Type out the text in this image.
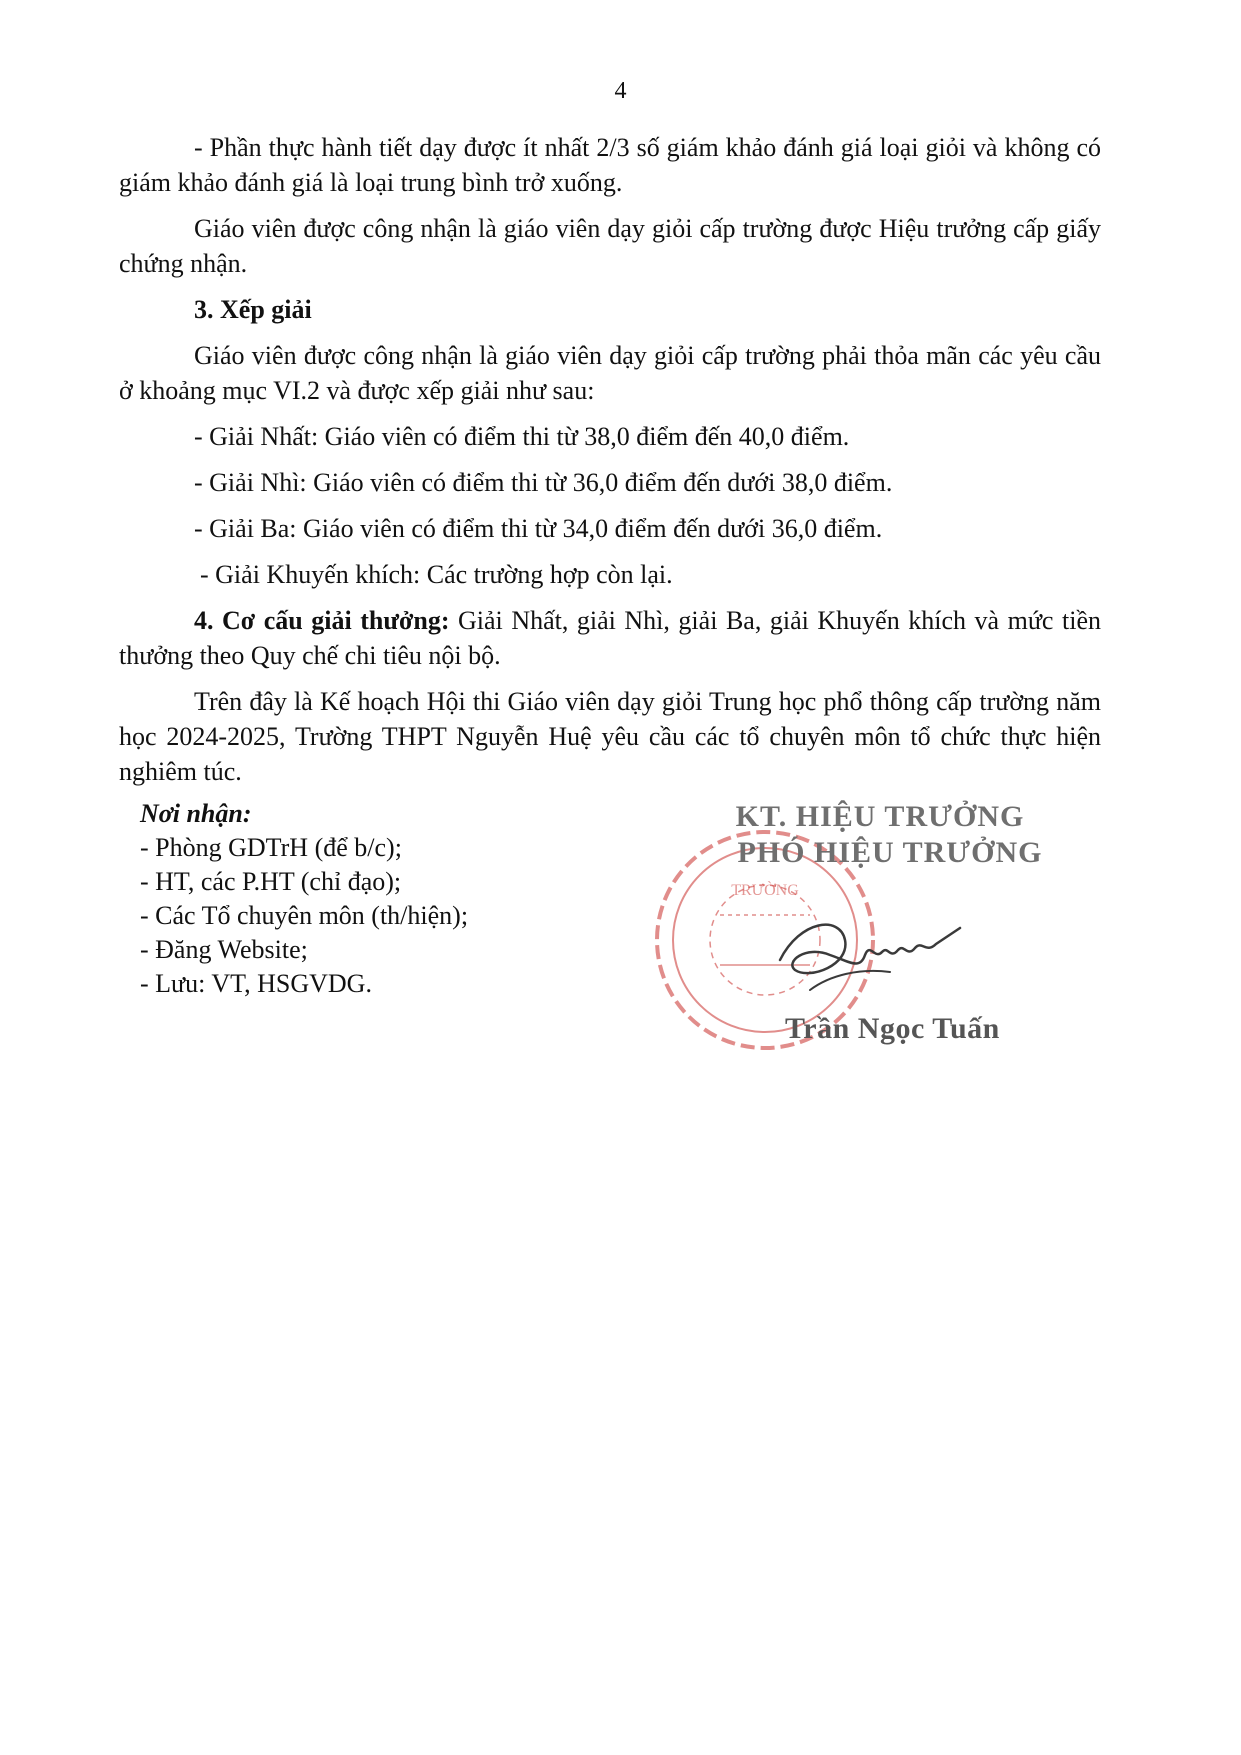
4

- Phần thực hành tiết dạy được ít nhất 2/3 số giám khảo đánh giá loại giỏi và không có giám khảo đánh giá là loại trung bình trở xuống.

Giáo viên được công nhận là giáo viên dạy giỏi cấp trường được Hiệu trưởng cấp giấy chứng nhận.

3. Xếp giải

Giáo viên được công nhận là giáo viên dạy giỏi cấp trường phải thỏa mãn các yêu cầu ở khoảng mục VI.2 và được xếp giải như sau:

- Giải Nhất: Giáo viên có điểm thi từ 38,0 điểm đến 40,0 điểm.

- Giải Nhì: Giáo viên có điểm thi từ 36,0 điểm đến dưới 38,0 điểm.

- Giải Ba: Giáo viên có điểm thi từ 34,0 điểm đến dưới 36,0 điểm.

- Giải Khuyến khích: Các trường hợp còn lại.

4. Cơ cấu giải thưởng: Giải Nhất, giải Nhì, giải Ba, giải Khuyến khích và mức tiền thưởng theo Quy chế chi tiêu nội bộ.

Trên đây là Kế hoạch Hội thi Giáo viên dạy giỏi Trung học phổ thông cấp trường năm học 2024-2025, Trường THPT Nguyễn Huệ yêu cầu các tổ chuyên môn tổ chức thực hiện nghiêm túc.

Nơi nhận:
- Phòng GDTrH (để b/c);
- HT, các P.HT (chỉ đạo);
- Các Tổ chuyên môn (th/hiện);
- Đăng Website;
- Lưu: VT, HSGVDG.
TRƯỜNG
KT. HIỆU TRƯỞNG
PHÓ HIỆU TRƯỞNG
Trần Ngọc Tuấn
